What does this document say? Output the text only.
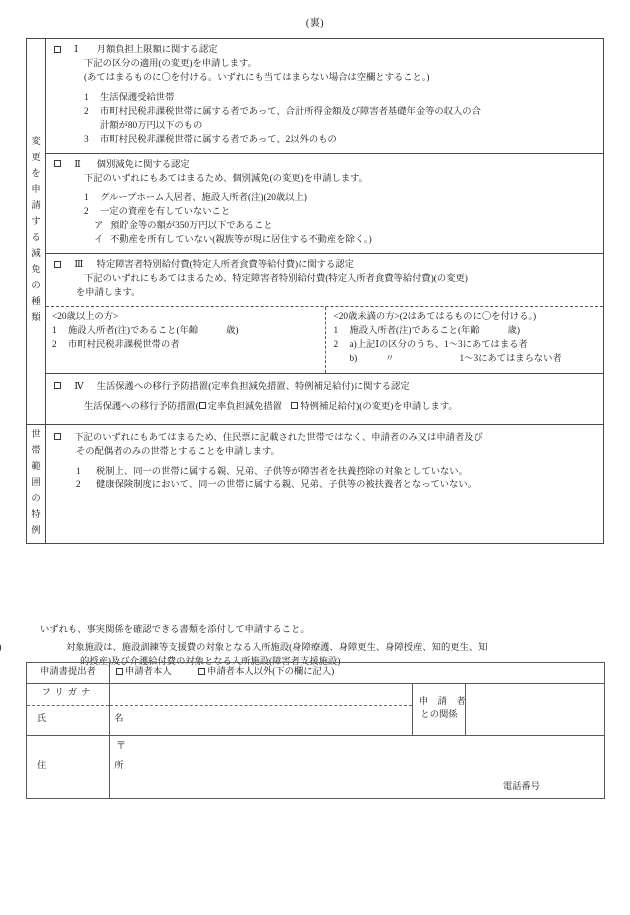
(裏)
変
更
を
申
請
す
る
減
免
の
種
類
Ⅰ 月額負担上限額に関する認定
下記の区分の適用(の変更)を申請します。
(あてはまるものに〇を付ける。いずれにも当てはまらない場合は空欄とすること。)
1 生活保護受給世帯
2 市町村民税非課税世帯に属する者であって、合計所得金額及び障害者基礎年金等の収入の合
計額が80万円以下のもの
3 市町村民税非課税世帯に属する者であって、2以外のもの
Ⅱ 個別減免に関する認定
下記のいずれにもあてはまるため、個別減免(の変更)を申請します。
1 グループホーム入居者、施設入所者(注)(20歳以上)
2 一定の資産を有していないこと
ア 預貯金等の額が350万円以下であること
イ 不動産を所有していない(親族等が現に居住する不動産を除く。)
Ⅲ 特定障害者特別給付費(特定入所者食費等給付費)に関する認定
下記のいずれにもあてはまるため、特定障害者特別給付費(特定入所者食費等給付費)(の変更)
を申請します。
<20歳以上の方>
1 施設入所者(注)であること(年齢　　　歳)
2 市町村民税非課税世帯の者
<20歳未満の方>(2はあてはるものに〇を付ける。)
1 施設入所者(注)であること(年齢　　　歳)
2 a)上記Ⅰの区分のうち、1〜3にあてはまる者
b)　　　〃　　　　　　　1〜3にあてはまらない者
Ⅳ 生活保護への移行予防措置(定率負担減免措置、特例補足給付)に関する認定
生活保護への移行予防措置( 定率負担減免措置　 特例補足給付)(の変更)を申請します。
世
帯
範
囲
の
特
例
下記のいずれにもあてはまるため、住民票に記載された世帯ではなく、申請者のみ又は申請者及び
その配偶者のみの世帯とすることを申請します。
1 税制上、同一の世帯に属する親、兄弟、子供等が障害者を扶養控除の対象としていない。
2 健康保険制度において、同一の世帯に属する親、兄弟、子供等の被扶養者となっていない。
いずれも、事実関係を確認できる書類を添付して申請すること。
対象施設は、施設訓練等支援費の対象となる入所施設(身障療護、身障更生、身障授産、知的更生、知
的授産)及び介護給付費の対象となる入所施設(障害者支援施設)
申請書提出者	申請者本人 申請者本人以外(下の欄に記入)		
フリガナ		申　請　者
との関係	

氏　　　名			
住　　　所	〒
電話番号		
